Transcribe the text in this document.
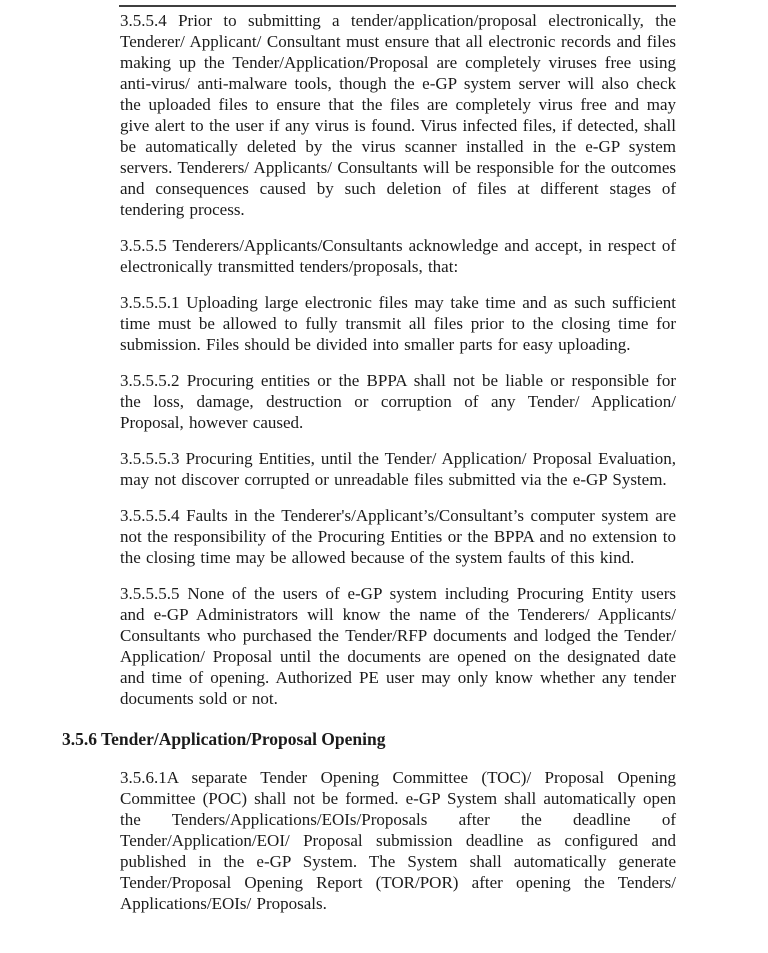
3.5.5.4 Prior to submitting a tender/application/proposal electronically, the Tenderer/ Applicant/ Consultant must ensure that all electronic records and files making up the Tender/Application/Proposal are completely viruses free using anti-virus/ anti-malware tools, though the e-GP system server will also check the uploaded files to ensure that the files are completely virus free and may give alert to the user if any virus is found. Virus infected files, if detected, shall be automatically deleted by the virus scanner installed in the e-GP system servers. Tenderers/ Applicants/ Consultants will be responsible for the outcomes and consequences caused by such deletion of files at different stages of tendering process.

3.5.5.5 Tenderers/Applicants/Consultants acknowledge and accept, in respect of electronically transmitted tenders/proposals, that:

3.5.5.5.1 Uploading large electronic files may take time and as such sufficient time must be allowed to fully transmit all files prior to the closing time for submission. Files should be divided into smaller parts for easy uploading.

3.5.5.5.2 Procuring entities or the BPPA shall not be liable or responsible for the loss, damage, destruction or corruption of any Tender/ Application/ Proposal, however caused.

3.5.5.5.3 Procuring Entities, until the Tender/ Application/ Proposal Evaluation, may not discover corrupted or unreadable files submitted via the e-GP System.

3.5.5.5.4 Faults in the Tenderer's/Applicant’s/Consultant’s computer system are not the responsibility of the Procuring Entities or the BPPA and no extension to the closing time may be allowed because of the system faults of this kind.

3.5.5.5.5 None of the users of e-GP system including Procuring Entity users and e-GP Administrators will know the name of the Tenderers/ Applicants/ Consultants who purchased the Tender/RFP documents and lodged the Tender/ Application/ Proposal until the documents are opened on the designated date and time of opening. Authorized PE user may only know whether any tender documents sold or not.

3.5.6 Tender/Application/Proposal Opening

3.5.6.1A separate Tender Opening Committee (TOC)/ Proposal Opening Committee (POC) shall not be formed. e-GP System shall automatically open the Tenders/Applications/EOIs/Proposals after the deadline of Tender/Application/EOI/ Proposal submission deadline as configured and published in the e-GP System. The System shall automatically generate Tender/Proposal Opening Report (TOR/POR) after opening the Tenders/ Applications/EOIs/ Proposals.
